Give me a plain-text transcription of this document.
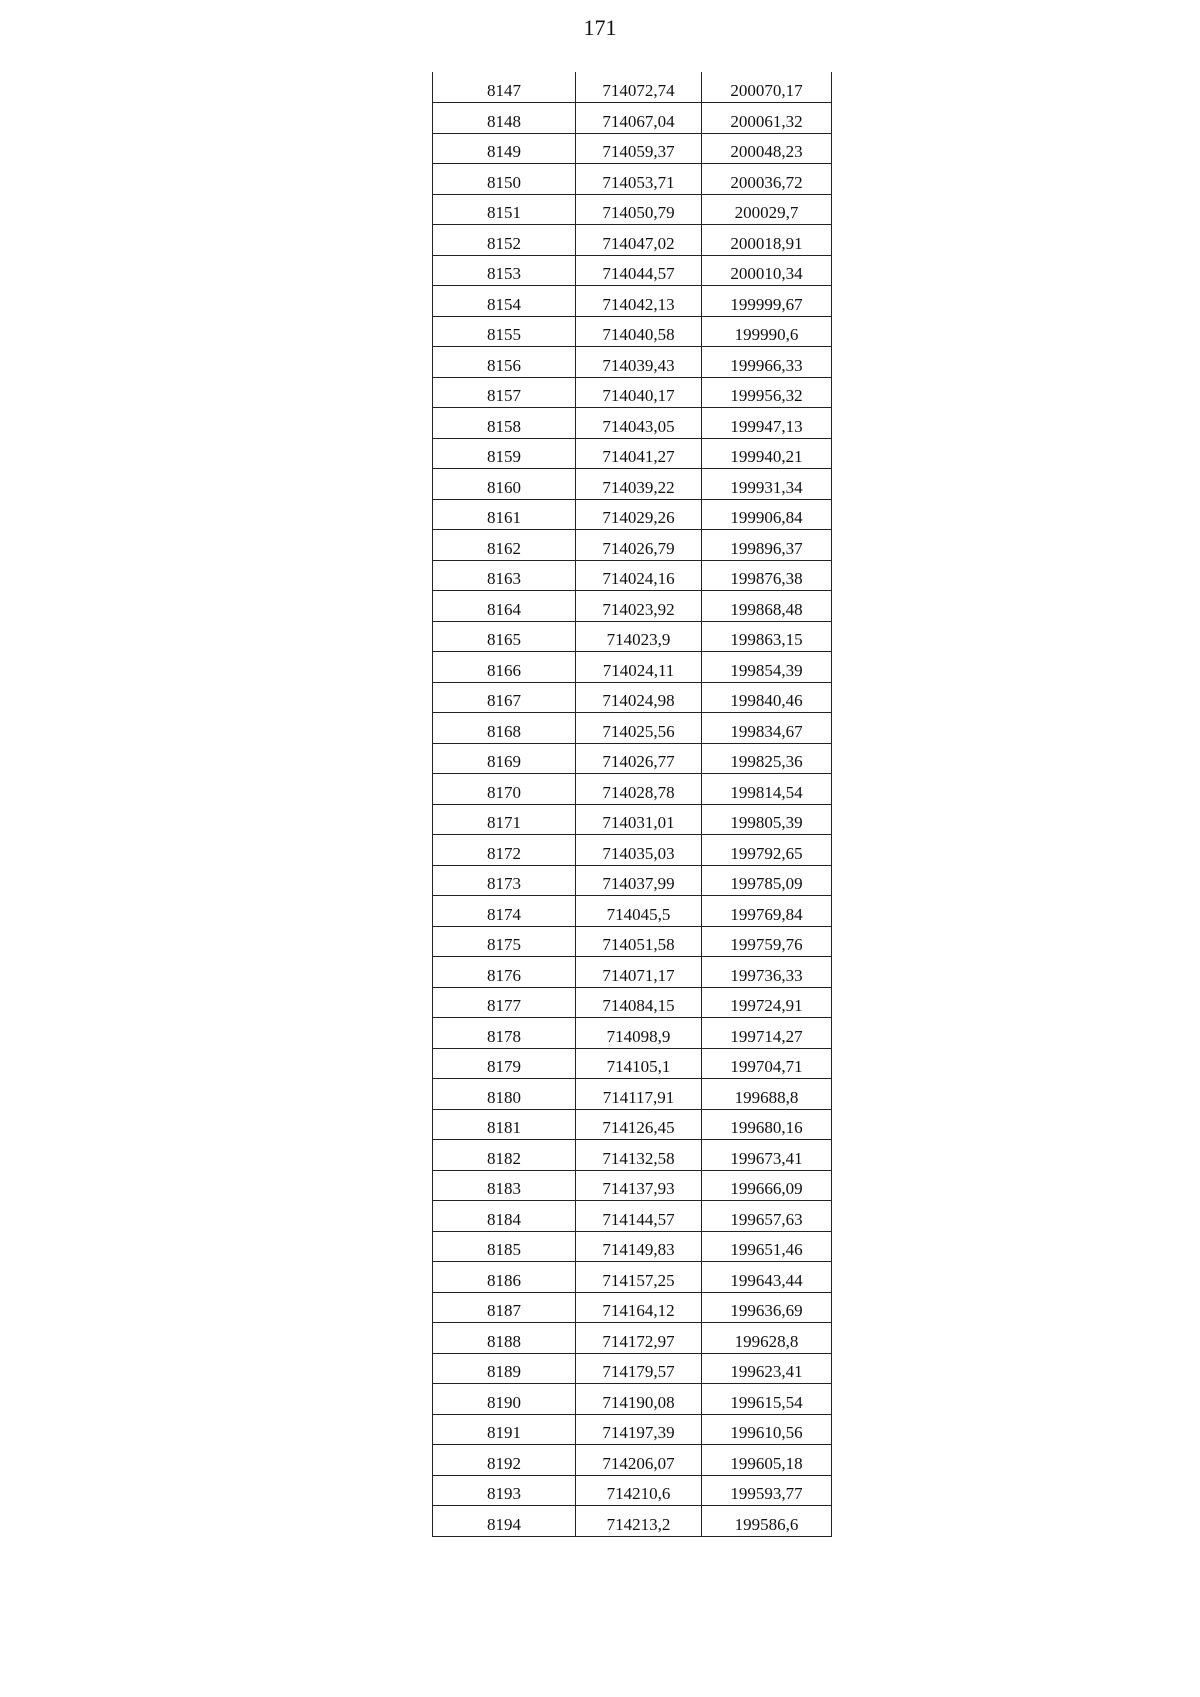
171
8147	714072,74	200070,17
8148	714067,04	200061,32
8149	714059,37	200048,23
8150	714053,71	200036,72
8151	714050,79	200029,7
8152	714047,02	200018,91
8153	714044,57	200010,34
8154	714042,13	199999,67
8155	714040,58	199990,6
8156	714039,43	199966,33
8157	714040,17	199956,32
8158	714043,05	199947,13
8159	714041,27	199940,21
8160	714039,22	199931,34
8161	714029,26	199906,84
8162	714026,79	199896,37
8163	714024,16	199876,38
8164	714023,92	199868,48
8165	714023,9	199863,15
8166	714024,11	199854,39
8167	714024,98	199840,46
8168	714025,56	199834,67
8169	714026,77	199825,36
8170	714028,78	199814,54
8171	714031,01	199805,39
8172	714035,03	199792,65
8173	714037,99	199785,09
8174	714045,5	199769,84
8175	714051,58	199759,76
8176	714071,17	199736,33
8177	714084,15	199724,91
8178	714098,9	199714,27
8179	714105,1	199704,71
8180	714117,91	199688,8
8181	714126,45	199680,16
8182	714132,58	199673,41
8183	714137,93	199666,09
8184	714144,57	199657,63
8185	714149,83	199651,46
8186	714157,25	199643,44
8187	714164,12	199636,69
8188	714172,97	199628,8
8189	714179,57	199623,41
8190	714190,08	199615,54
8191	714197,39	199610,56
8192	714206,07	199605,18
8193	714210,6	199593,77
8194	714213,2	199586,6
